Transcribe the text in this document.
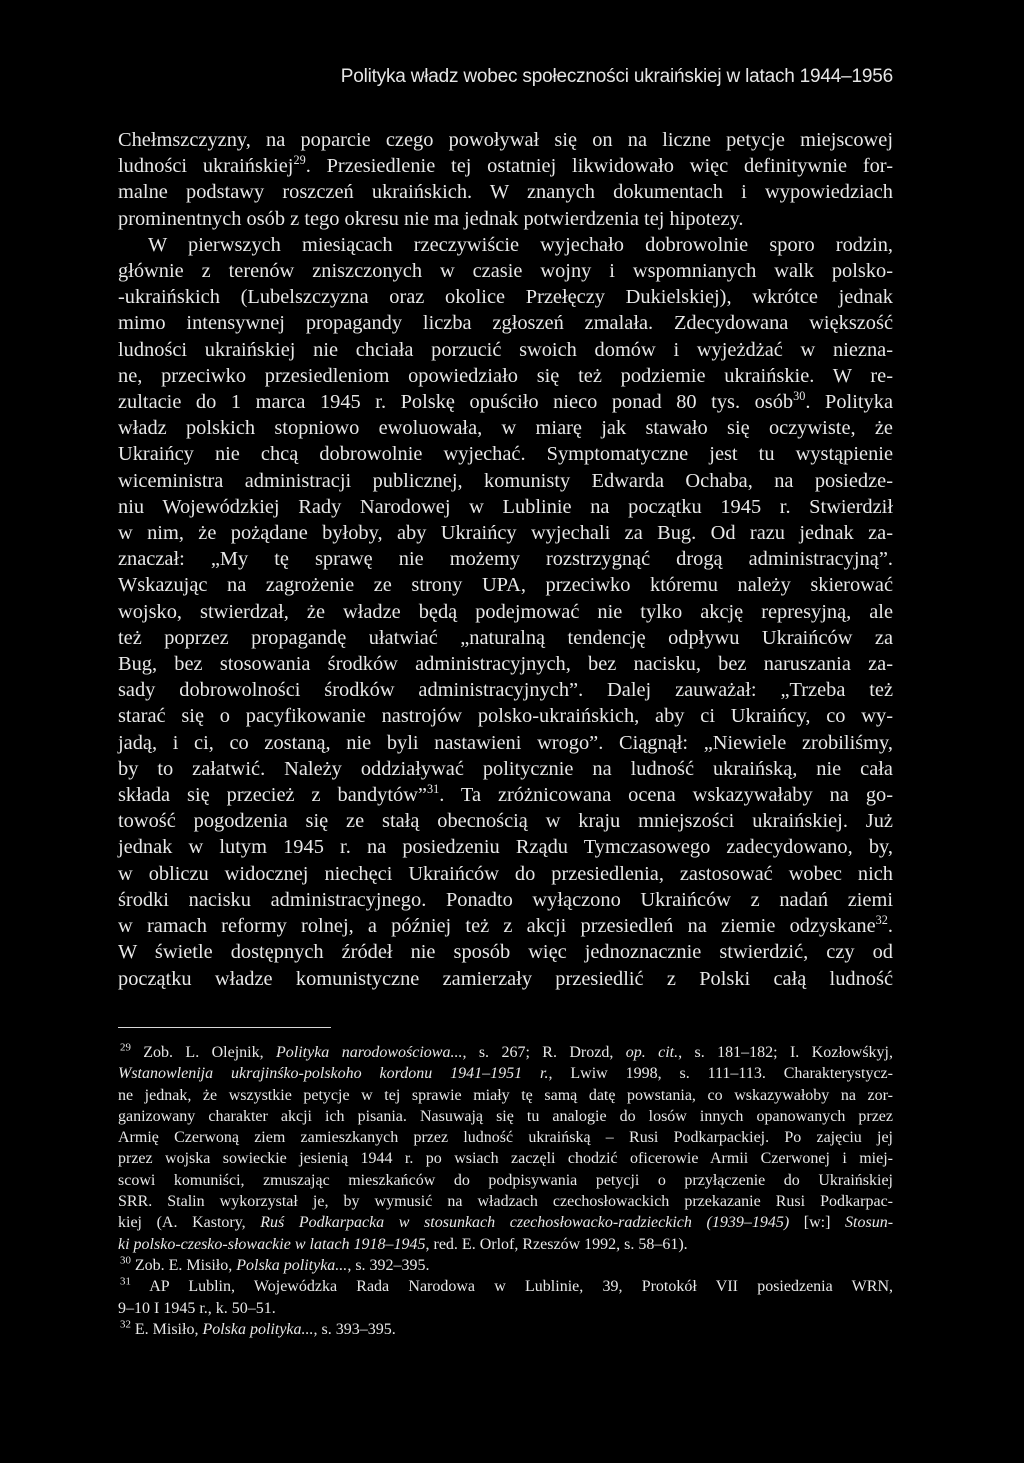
Polityka władz wobec społeczności ukraińskiej w latach 1944–1956
Chełmszczyzny, na poparcie czego powoływał się on na liczne petycje miejscowej
ludności ukraińskiej$^{29}$. Przesiedlenie tej ostatniej likwidowało więc definitywnie for-
malne podstawy roszczeń ukraińskich. W znanych dokumentach i wypowiedziach
prominentnych osób z tego okresu nie ma jednak potwierdzenia tej hipotezy.
W pierwszych miesiącach rzeczywiście wyjechało dobrowolnie sporo rodzin,
głównie z terenów zniszczonych w czasie wojny i wspomnianych walk polsko-
-ukraińskich (Lubelszczyzna oraz okolice Przełęczy Dukielskiej), wkrótce jednak
mimo intensywnej propagandy liczba zgłoszeń zmalała. Zdecydowana większość
ludności ukraińskiej nie chciała porzucić swoich domów i wyjeżdżać w niezna-
ne, przeciwko przesiedleniom opowiedziało się też podziemie ukraińskie. W re-
zultacie do 1 marca 1945 r. Polskę opuściło nieco ponad 80 tys. osób$^{30}$. Polityka
władz polskich stopniowo ewoluowała, w miarę jak stawało się oczywiste, że
Ukraińcy nie chcą dobrowolnie wyjechać. Symptomatyczne jest tu wystąpienie
wiceministra administracji publicznej, komunisty Edwarda Ochaba, na posiedze-
niu Wojewódzkiej Rady Narodowej w Lublinie na początku 1945 r. Stwierdził
w nim, że pożądane byłoby, aby Ukraińcy wyjechali za Bug. Od razu jednak za-
znaczał: „My tę sprawę nie możemy rozstrzygnąć drogą administracyjną”.
Wskazując na zagrożenie ze strony UPA, przeciwko któremu należy skierować
wojsko, stwierdzał, że władze będą podejmować nie tylko akcję represyjną, ale
też poprzez propagandę ułatwiać „naturalną tendencję odpływu Ukraińców za
Bug, bez stosowania środków administracyjnych, bez nacisku, bez naruszania za-
sady dobrowolności środków administracyjnych”. Dalej zauważał: „Trzeba też
starać się o pacyfikowanie nastrojów polsko-ukraińskich, aby ci Ukraińcy, co wy-
jadą, i ci, co zostaną, nie byli nastawieni wrogo”. Ciągnął: „Niewiele zrobiliśmy,
by to załatwić. Należy oddziaływać politycznie na ludność ukraińską, nie cała
składa się przecież z bandytów”$^{31}$. Ta zróżnicowana ocena wskazywałaby na go-
towość pogodzenia się ze stałą obecnością w kraju mniejszości ukraińskiej. Już
jednak w lutym 1945 r. na posiedzeniu Rządu Tymczasowego zadecydowano, by,
w obliczu widocznej niechęci Ukraińców do przesiedlenia, zastosować wobec nich
środki nacisku administracyjnego. Ponadto wyłączono Ukraińców z nadań ziemi
w ramach reformy rolnej, a później też z akcji przesiedleń na ziemie odzyskane$^{32}$.
W świetle dostępnych źródeł nie sposób więc jednoznacznie stwierdzić, czy od
początku władze komunistyczne zamierzały przesiedlić z Polski całą ludność
$^{29}$ Zob. L. Olejnik, Polityka narodowościowa..., s. 267; R. Drozd, op. cit., s. 181–182; I. Kozłowśkyj,
Wstanowlenija ukrajinśko-polskoho kordonu 1941–1951 r., Lwiw 1998, s. 111–113. Charakterystycz-
ne jednak, że wszystkie petycje w tej sprawie miały tę samą datę powstania, co wskazywałoby na zor-
ganizowany charakter akcji ich pisania. Nasuwają się tu analogie do losów innych opanowanych przez
Armię Czerwoną ziem zamieszkanych przez ludność ukraińską – Rusi Podkarpackiej. Po zajęciu jej
przez wojska sowieckie jesienią 1944 r. po wsiach zaczęli chodzić oficerowie Armii Czerwonej i miej-
scowi komuniści, zmuszając mieszkańców do podpisywania petycji o przyłączenie do Ukraińskiej
SRR. Stalin wykorzystał je, by wymusić na władzach czechosłowackich przekazanie Rusi Podkarpac-
kiej (A. Kastory, Ruś Podkarpacka w stosunkach czechosłowacko-radzieckich (1939–1945) [w:] Stosun-
ki polsko-czesko-słowackie w latach 1918–1945, red. E. Orlof, Rzeszów 1992, s. 58–61).
$^{30}$ Zob. E. Misiło, Polska polityka..., s. 392–395.
$^{31}$ AP Lublin, Wojewódzka Rada Narodowa w Lublinie, 39, Protokół VII posiedzenia WRN,
9–10 I 1945 r., k. 50–51.
$^{32}$ E. Misiło, Polska polityka..., s. 393–395.
